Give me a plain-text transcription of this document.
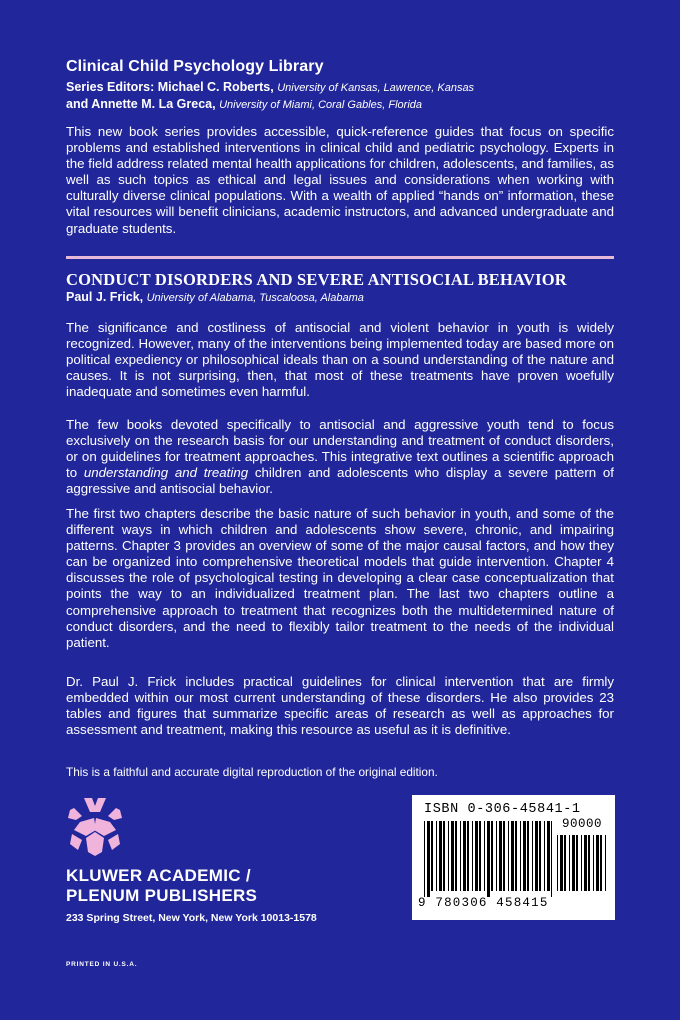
Clinical Child Psychology Library
Series Editors: Michael C. Roberts, University of Kansas, Lawrence, Kansas
and Annette M. La Greca, University of Miami, Coral Gables, Florida

This new book series provides accessible, quick-reference guides that focus on specific problems and established interventions in clinical child and pediatric psychology. Experts in the field address related mental health applications for children, adolescents, and families, as well as such topics as ethical and legal issues and considerations when working with culturally diverse clinical populations. With a wealth of applied “hands on” information, these vital resources will benefit clinicians, academic instructors, and advanced undergraduate and graduate students.

CONDUCT DISORDERS AND SEVERE ANTISOCIAL BEHAVIOR
Paul J. Frick, University of Alabama, Tuscaloosa, Alabama

The significance and costliness of antisocial and violent behavior in youth is widely recognized. However, many of the interventions being implemented today are based more on political expediency or philosophical ideals than on a sound understanding of the nature and causes. It is not surprising, then, that most of these treatments have proven woefully inadequate and sometimes even harmful.

The few books devoted specifically to antisocial and aggressive youth tend to focus exclusively on the research basis for our understanding and treatment of conduct disorders, or on guidelines for treatment approaches. This integrative text outlines a scientific approach to understanding and treating children and adolescents who display a severe pattern of aggressive and antisocial behavior.

The first two chapters describe the basic nature of such behavior in youth, and some of the different ways in which children and adolescents show severe, chronic, and impairing patterns. Chapter 3 provides an overview of some of the major causal factors, and how they can be organized into comprehensive theoretical models that guide intervention. Chapter 4 discusses the role of psychological testing in developing a clear case conceptualization that points the way to an individualized treatment plan. The last two chapters outline a comprehensive approach to treatment that recognizes both the multidetermined nature of conduct disorders, and the need to flexibly tailor treatment to the needs of the individual patient.

Dr. Paul J. Frick includes practical guidelines for clinical intervention that are firmly embedded within our most current understanding of these disorders. He also provides 23 tables and figures that summarize specific areas of research as well as approaches for assessment and treatment, making this resource as useful as it is definitive.

This is a faithful and accurate digital reproduction of the original edition.
KLUWER ACADEMIC /
PLENUM PUBLISHERS
233 Spring Street, New York, New York 10013-1578
PRINTED IN U.S.A.
ISBN 0-306-45841-1
90000
9 780306 458415
